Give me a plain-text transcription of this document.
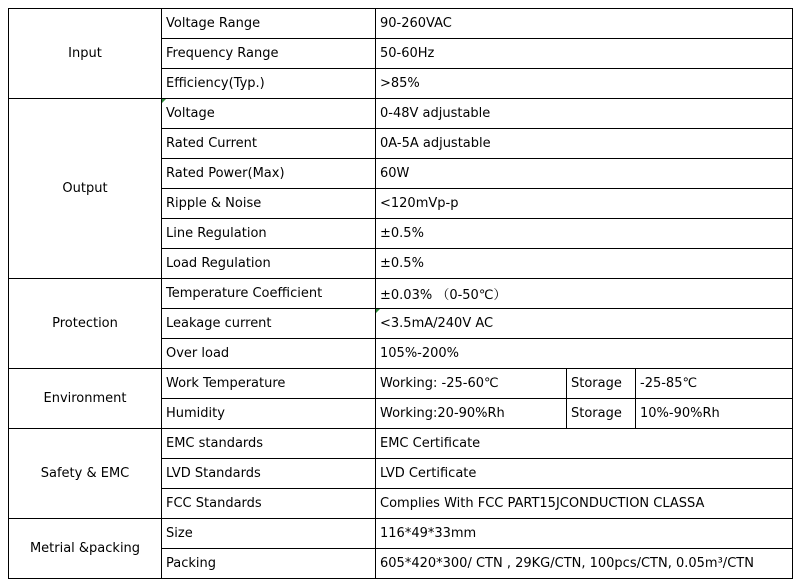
Input	Voltage Range	90-260VAC		
	Frequency Range	50-60Hz		
	Efficiency(Typ.)	>85%		
Output	Voltage	0-48V adjustable		
	Rated Current	0A-5A adjustable		
	Rated Power(Max)	60W		
	Ripple & Noise	<120mVp-p		
	Line Regulation	±0.5%		
	Load Regulation	±0.5%		
Protection	Temperature Coefficient	±0.03% （0-50℃）		
	Leakage current	<3.5mA/240V AC		
	Over load	105%-200%		
Environment	Work Temperature	Working: -25-60℃	Storage	-25-85℃
	Humidity	Working:20-90%Rh	Storage	10%-90%Rh
Safety & EMC	EMC standards	EMC Certificate		
	LVD Standards	LVD Certificate		
	FCC Standards	Complies With FCC PART15JCONDUCTION CLASSA		
Metrial &packing	Size	116*49*33mm		
	Packing	605*420*300/ CTN , 29KG/CTN, 100pcs/CTN, 0.05m³/CTN		
